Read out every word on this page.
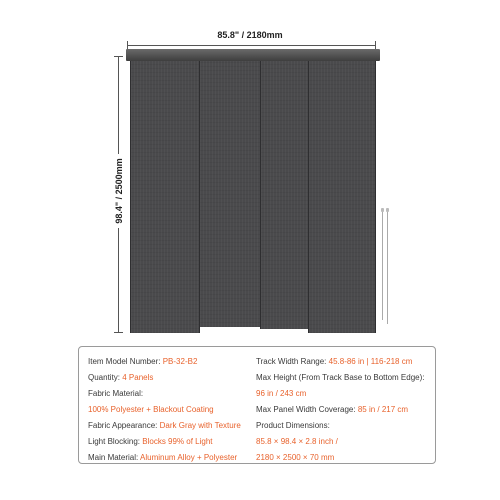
85.8" / 2180mm
98.4" / 2500mm
Item Model Number: PB-32-B2
Quantity: 4 Panels
Fabric Material:
100% Polyester + Blackout Coating
Fabric Appearance: Dark Gray with Texture
Light Blocking: Blocks 99% of Light
Main Material: Aluminum Alloy + Polyester
Track Width Range: 45.8-86 in | 116-218 cm
Max Height (From Track Base to Bottom Edge):
96 in / 243 cm
Max Panel Width Coverage: 85 in / 217 cm
Product Dimensions:
85.8 × 98.4 × 2.8 inch /
2180 × 2500 × 70 mm
